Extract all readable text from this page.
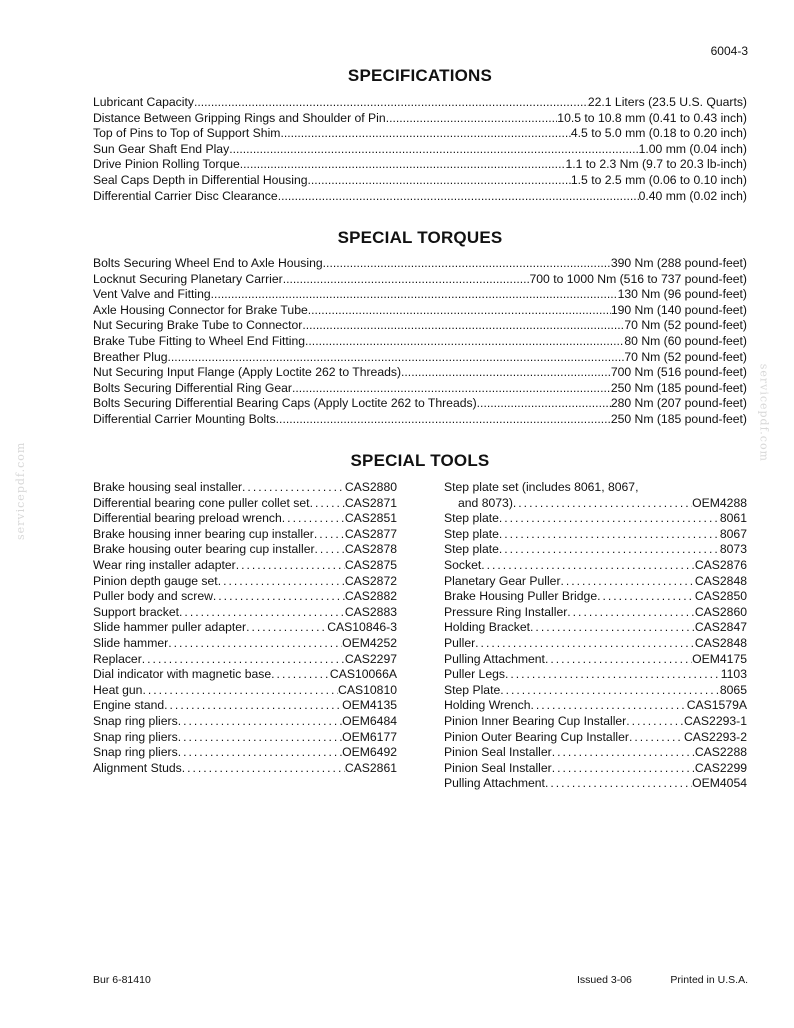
6004-3
SPECIFICATIONS
Lubricant Capacity .....	22.1 Liters (23.5 U.S. Quarts)
Distance Between Gripping Rings and Shoulder of Pin .....	10.5 to 10.8 mm (0.41 to 0.43 inch)
Top of Pins to Top of Support Shim .....	4.5 to 5.0 mm (0.18 to 0.20 inch)
Sun Gear Shaft End Play .....	1.00 mm (0.04 inch)
Drive Pinion Rolling Torque .....	1.1 to 2.3 Nm (9.7 to 20.3 lb-inch)
Seal Caps Depth in Differential Housing .....	1.5 to 2.5 mm (0.06 to 0.10 inch)
Differential Carrier Disc Clearance .....	0.40 mm (0.02 inch)
SPECIAL TORQUES
Bolts Securing Wheel End to Axle Housing .....	390 Nm (288 pound-feet)
Locknut Securing Planetary Carrier .....	700 to 1000 Nm (516 to 737 pound-feet)
Vent Valve and Fitting .....	130 Nm (96 pound-feet)
Axle Housing Connector for Brake Tube .....	190 Nm (140 pound-feet)
Nut Securing Brake Tube to Connector .....	70 Nm (52 pound-feet)
Brake Tube Fitting to Wheel End Fitting .....	80 Nm (60 pound-feet)
Breather Plug .....	70 Nm (52 pound-feet)
Nut Securing Input Flange (Apply Loctite 262 to Threads) .....	700 Nm (516 pound-feet)
Bolts Securing Differential Ring Gear .....	250 Nm (185 pound-feet)
Bolts Securing Differential Bearing Caps (Apply Loctite 262 to Threads) .....	280 Nm (207 pound-feet)
Differential Carrier Mounting Bolts .....	250 Nm (185 pound-feet)
SPECIAL TOOLS
Brake housing seal installer .....	CAS2880
Differential bearing cone puller collet set .....	CAS2871
Differential bearing preload wrench .....	CAS2851
Brake housing inner bearing cup installer .....	CAS2877
Brake housing outer bearing cup installer ..... CAS2878
Wear ring installer adapter .....	CAS2875
Pinion depth gauge set .....	CAS2872
Puller body and screw .....	CAS2882
Support bracket .....	CAS2883
Slide hammer puller adapter .....	CAS10846-3
Slide hammer .....	OEM4252
Replacer .....	CAS2297
Dial indicator with magnetic base .....	CAS10066A
Heat gun .....	CAS10810
Engine stand .....	OEM4135
Snap ring pliers .....	OEM6484
Snap ring pliers .....	OEM6177
Snap ring pliers .....	OEM6492
Alignment Studs .....	CAS2861
Step plate set (includes 8061, 8067,
and 8073) .....	OEM4288
Step plate .....	8061
Step plate .....	8067
Step plate .....	8073
Socket .....	CAS2876
Planetary Gear Puller .....	CAS2848
Brake Housing Puller Bridge .....	CAS2850
Pressure Ring Installer .....	CAS2860
Holding Bracket .....	CAS2847
Puller .....	CAS2848
Pulling Attachment .....	OEM4175
Puller Legs .....	1103
Step Plate .....	8065
Holding Wrench .....	CAS1579A
Pinion Inner Bearing Cup Installer .....	CAS2293-1
Pinion Outer Bearing Cup Installer .....	CAS2293-2
Pinion Seal Installer .....	CAS2288
Pinion Seal Installer .....	CAS2299
Pulling Attachment .....	OEM4054
servicepdf.com
servicepdf.com
Bur 6-81410	Issued 3-06	Printed in U.S.A.
